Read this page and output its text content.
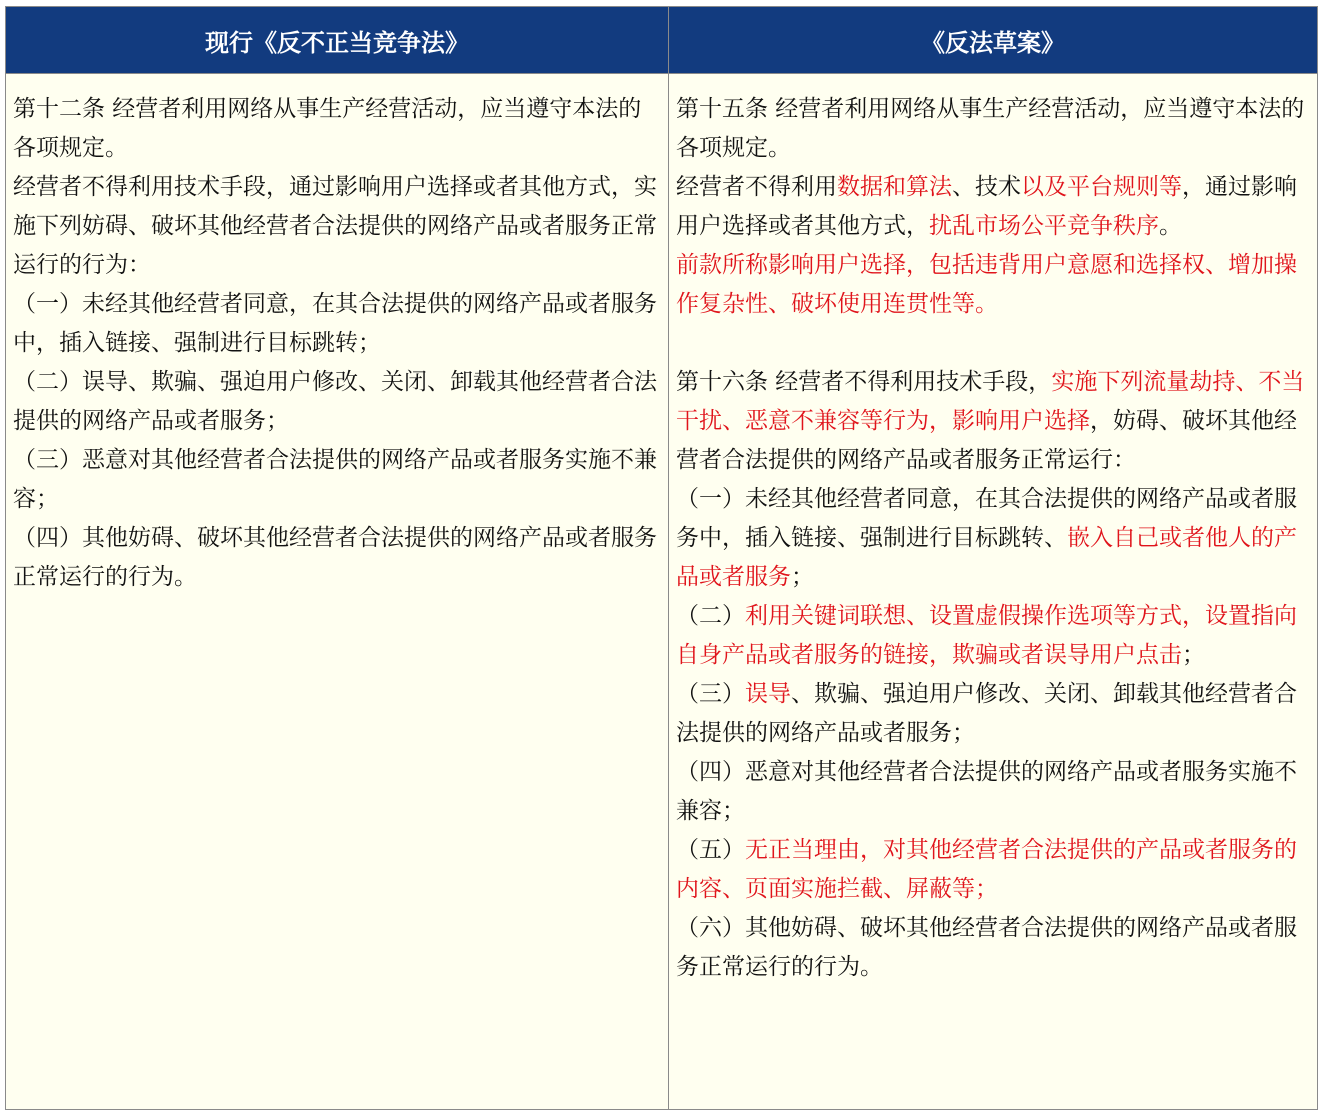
现行《反不正当竞争法》	《反法草案》

第十二条 经营者利用网络从事生产经营活动，应当遵守本法的各项规定。

经营者不得利用技术手段，通过影响用户选择或者其他方式，实施下列妨碍、破坏其他经营者合法提供的网络产品或者服务正常运行的行为：

（一）未经其他经营者同意，在其合法提供的网络产品或者服务中，插入链接、强制进行目标跳转；

（二）误导、欺骗、强迫用户修改、关闭、卸载其他经营者合法提供的网络产品或者服务；

（三）恶意对其他经营者合法提供的网络产品或者服务实施不兼容；

（四）其他妨碍、破坏其他经营者合法提供的网络产品或者服务正常运行的行为。

第十五条 经营者利用网络从事生产经营活动，应当遵守本法的各项规定。

经营者不得利用数据和算法、技术以及平台规则等，通过影响用户选择或者其他方式，扰乱市场公平竞争秩序。

前款所称影响用户选择，包括违背用户意愿和选择权、增加操作复杂性、破坏使用连贯性等。

第十六条 经营者不得利用技术手段，实施下列流量劫持、不当干扰、恶意不兼容等行为，影响用户选择，妨碍、破坏其他经营者合法提供的网络产品或者服务正常运行：

（一）未经其他经营者同意，在其合法提供的网络产品或者服务中，插入链接、强制进行目标跳转、嵌入自己或者他人的产品或者服务；

（二）利用关键词联想、设置虚假操作选项等方式，设置指向自身产品或者服务的链接，欺骗或者误导用户点击；

（三）误导、欺骗、强迫用户修改、关闭、卸载其他经营者合法提供的网络产品或者服务；

（四）恶意对其他经营者合法提供的网络产品或者服务实施不兼容；

（五）无正当理由，对其他经营者合法提供的产品或者服务的内容、页面实施拦截、屏蔽等；

（六）其他妨碍、破坏其他经营者合法提供的网络产品或者服务正常运行的行为。
